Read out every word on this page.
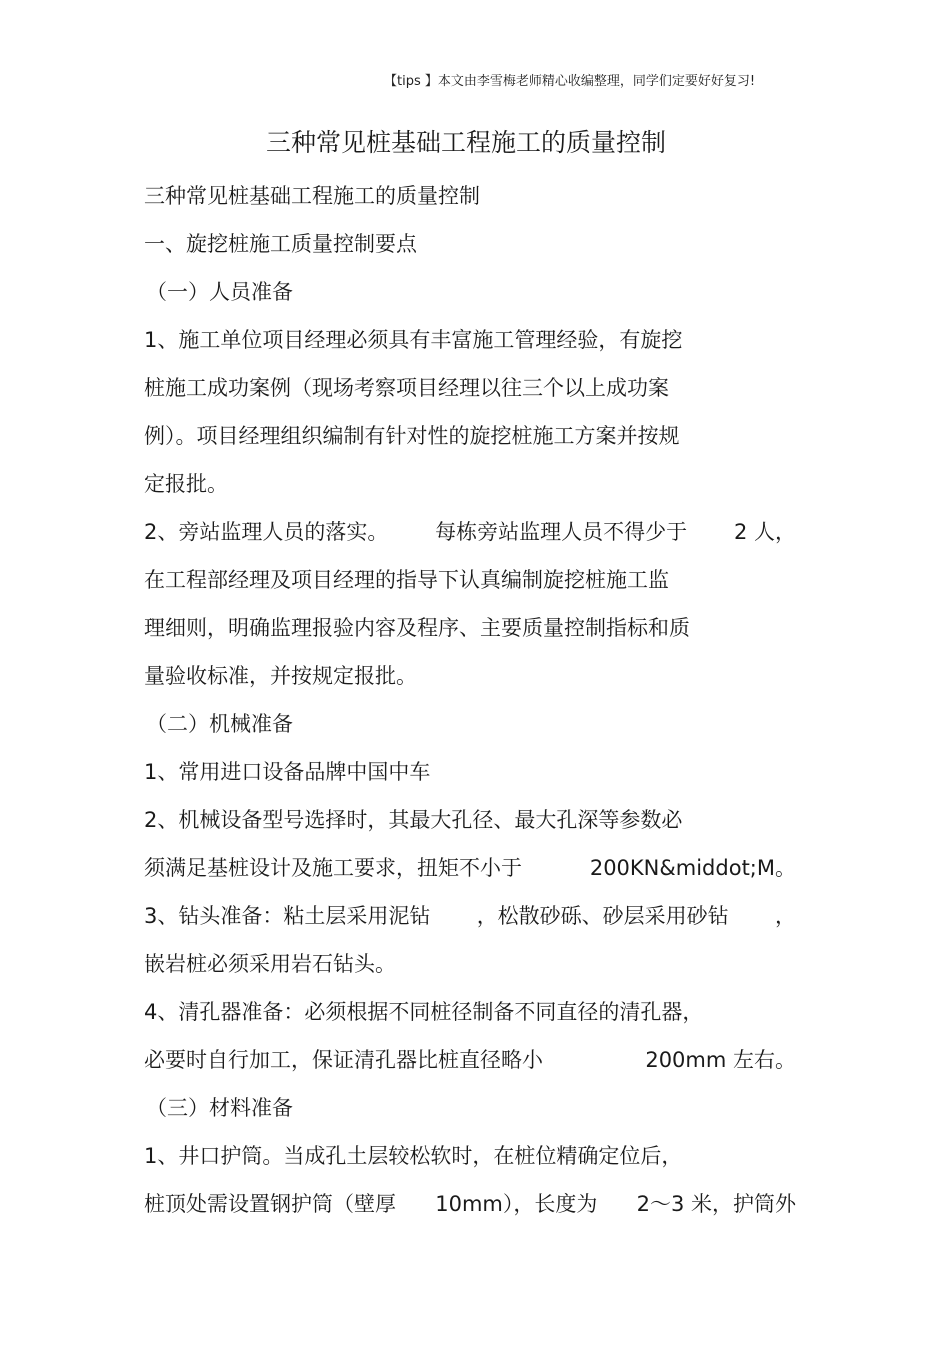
【tips 】本文由李雪梅老师精心收编整理，同学们定要好好复习!
三种常见桩基础工程施工的质量控制
三种常见桩基础工程施工的质量控制
一、旋挖桩施工质量控制要点
（一）人员准备
1、施工单位项目经理必须具有丰富施工管理经验，有旋挖
桩施工成功案例（现场考察项目经理以往三个以上成功案
例）。项目经理组织编制有针对性的旋挖桩施工方案并按规
定报批。
2、旁站监理人员的落实。 每栋旁站监理人员不得少于 2 人，
在工程部经理及项目经理的指导下认真编制旋挖桩施工监
理细则，明确监理报验内容及程序、主要质量控制指标和质
量验收标准，并按规定报批。
（二）机械准备
1、常用进口设备品牌中国中车
2、机械设备型号选择时，其最大孔径、最大孔深等参数必
须满足基桩设计及施工要求，扭矩不小于	200KN&middot;M。
3、钻头准备：粘土层采用泥钻 ，松散砂砾、砂层采用砂钻 ，
嵌岩桩必须采用岩石钻头。
4、清孔器准备：必须根据不同桩径制备不同直径的清孔器，
必要时自行加工，保证清孔器比桩直径略小	200mm 左右。
（三）材料准备
1、井口护筒。当成孔土层较松软时，在桩位精确定位后，
桩顶处需设置钢护筒（壁厚 10mm），长度为 2～3 米，护筒外
